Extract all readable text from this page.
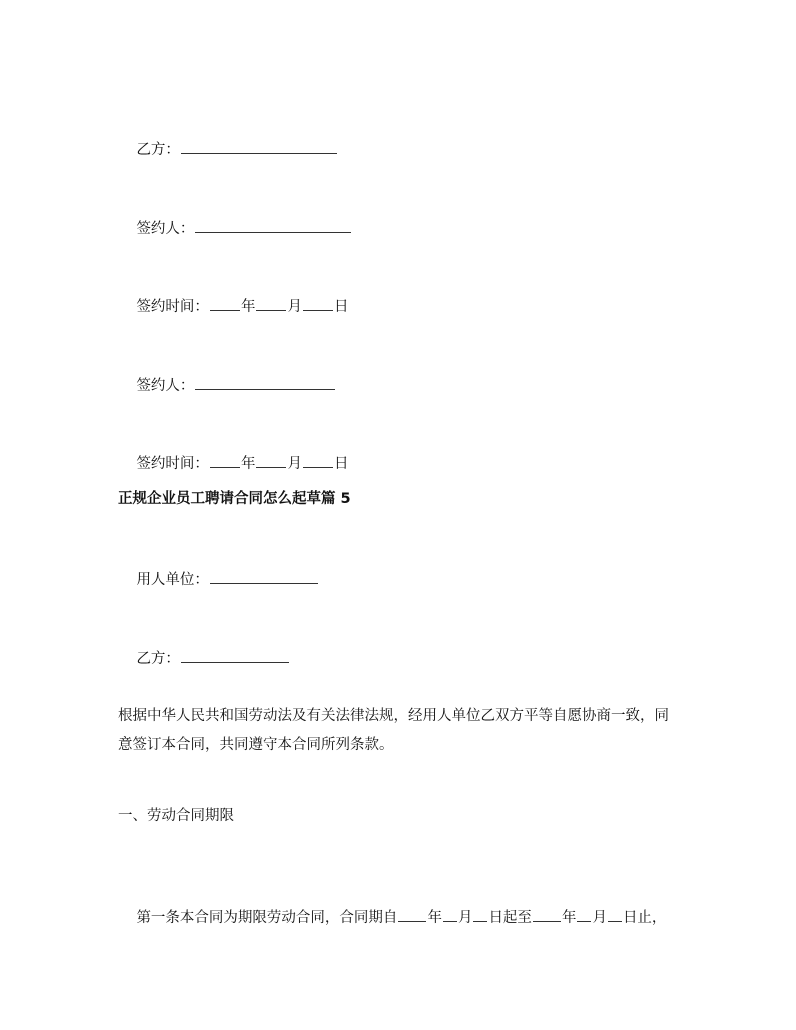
乙方：

签约人：

签约时间： 年 月 日

签约人：

签约时间： 年 月 日

正规企业员工聘请合同怎么起草篇 5

用人单位：

乙方：

根据中华人民共和国劳动法及有关法律法规，经用人单位乙双方平等自愿协商一致，同意签订本合同，共同遵守本合同所列条款。
一、劳动合同期限

第一条本合同为期限劳动合同，合同期自 年 月 日起至 年 月 日止，
